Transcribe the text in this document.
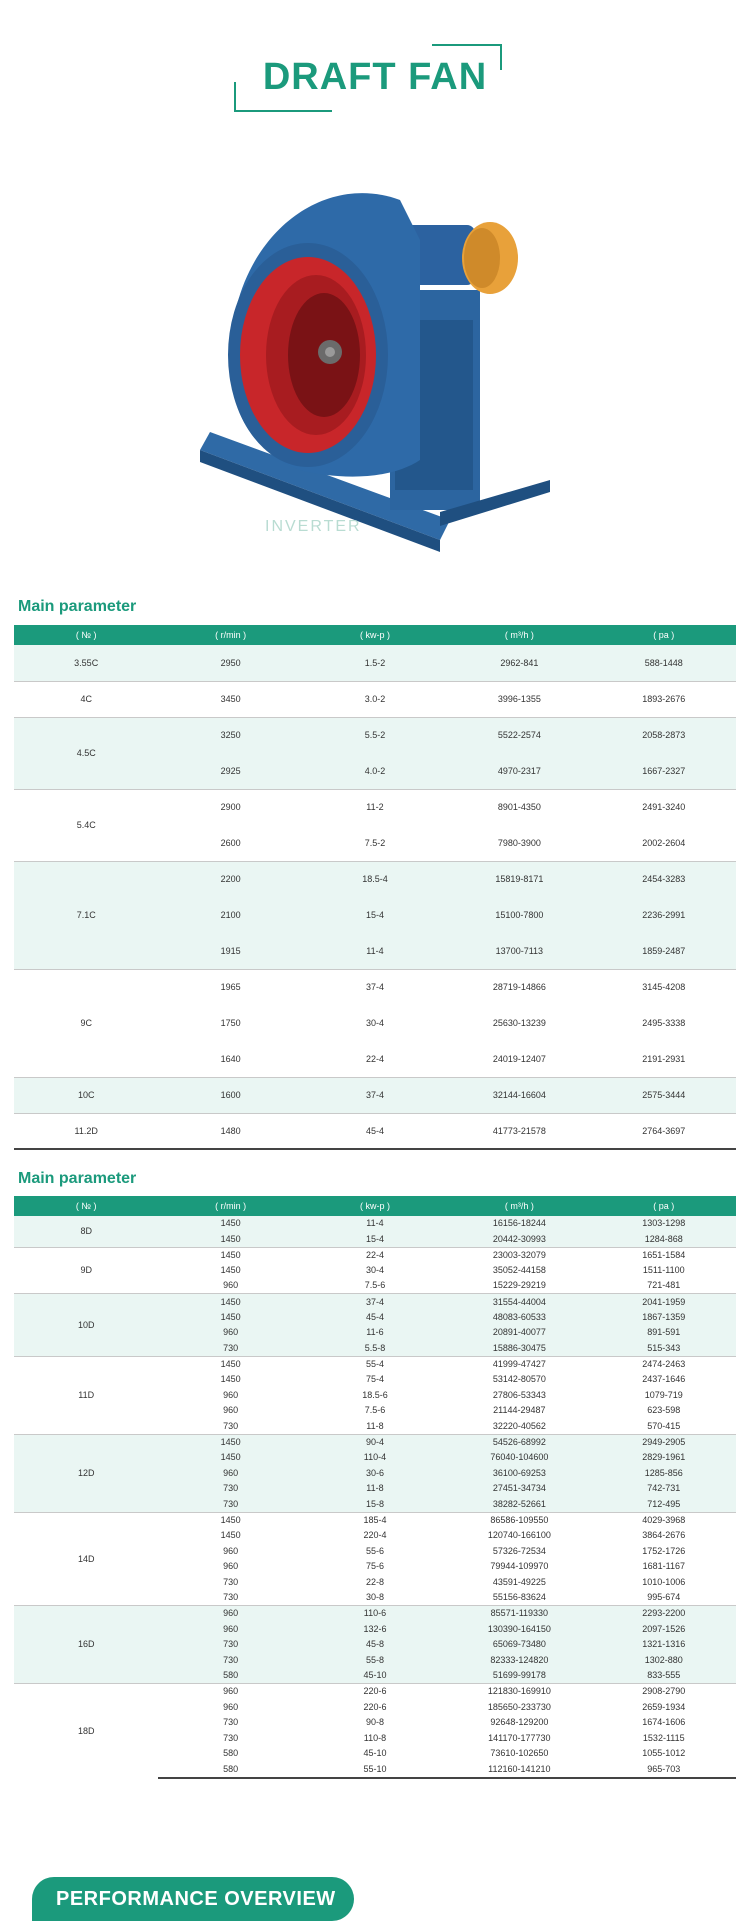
DRAFT FAN
INVERTER
Main parameter
( № )	( r/min )	( kw-p )	( m³/h )	( pa )
3.55C	2950	1.5-2	2962-841	588-1448
4C	3450	3.0-2	3996-1355	1893-2676
4.5C	3250	5.5-2	5522-2574	2058-2873
	2925	4.0-2	4970-2317	1667-2327
5.4C	2900	11-2	8901-4350	2491-3240
	2600	7.5-2	7980-3900	2002-2604
7.1C	2200	18.5-4	15819-8171	2454-3283
	2100	15-4	15100-7800	2236-2991
	1915	11-4	13700-7113	1859-2487
9C	1965	37-4	28719-14866	3145-4208
	1750	30-4	25630-13239	2495-3338
	1640	22-4	24019-12407	2191-2931
10C	1600	37-4	32144-16604	2575-3444
11.2D	1480	45-4	41773-21578	2764-3697
Main parameter
( № )	( r/min )	( kw-p )	( m³/h )	( pa )
8D	1450	11-4	16156-18244	1303-1298
	1450	15-4	20442-30993	1284-868
9D	1450	22-4	23003-32079	1651-1584
	1450	30-4	35052-44158	1511-1100
	960	7.5-6	15229-29219	721-481
10D	1450	37-4	31554-44004	2041-1959
	1450	45-4	48083-60533	1867-1359
	960	11-6	20891-40077	891-591
	730	5.5-8	15886-30475	515-343
11D	1450	55-4	41999-47427	2474-2463
	1450	75-4	53142-80570	2437-1646
	960	18.5-6	27806-53343	1079-719
	960	7.5-6	21144-29487	623-598
	730	11-8	32220-40562	570-415
12D	1450	90-4	54526-68992	2949-2905
	1450	110-4	76040-104600	2829-1961
	960	30-6	36100-69253	1285-856
	730	11-8	27451-34734	742-731
	730	15-8	38282-52661	712-495
14D	1450	185-4	86586-109550	4029-3968
	1450	220-4	120740-166100	3864-2676
	960	55-6	57326-72534	1752-1726
	960	75-6	79944-109970	1681-1167
	730	22-8	43591-49225	1010-1006
	730	30-8	55156-83624	995-674
16D	960	110-6	85571-119330	2293-2200
	960	132-6	130390-164150	2097-1526
	730	45-8	65069-73480	1321-1316
	730	55-8	82333-124820	1302-880
	580	45-10	51699-99178	833-555
18D	960	220-6	121830-169910	2908-2790
	960	220-6	185650-233730	2659-1934
	730	90-8	92648-129200	1674-1606
	730	110-8	141170-177730	1532-1115
	580	45-10	73610-102650	1055-1012
	580	55-10	112160-141210	965-703
PERFORMANCE OVERVIEW
